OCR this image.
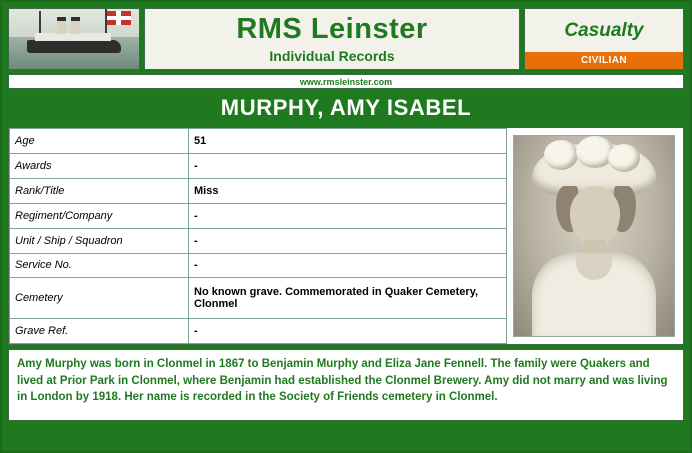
RMS Leinster
Individual Records
Casualty
CIVILIAN
www.rmsleinster.com
MURPHY, AMY ISABEL
Age	51
Awards	-
Rank/Title	Miss
Regiment/Company	-
Unit / Ship / Squadron	-
Service No.	-
Cemetery	No known grave. Commemorated in Quaker Cemetery, Clonmel
Grave Ref.	-
Amy Murphy was born in Clonmel in 1867 to Benjamin Murphy and Eliza Jane Fennell. The family were Quakers and lived at Prior Park in Clonmel, where Benjamin had established the Clonmel Brewery. Amy did not marry and was living in London by 1918. Her name is recorded in the Society of Friends cemetery in Clonmel.
